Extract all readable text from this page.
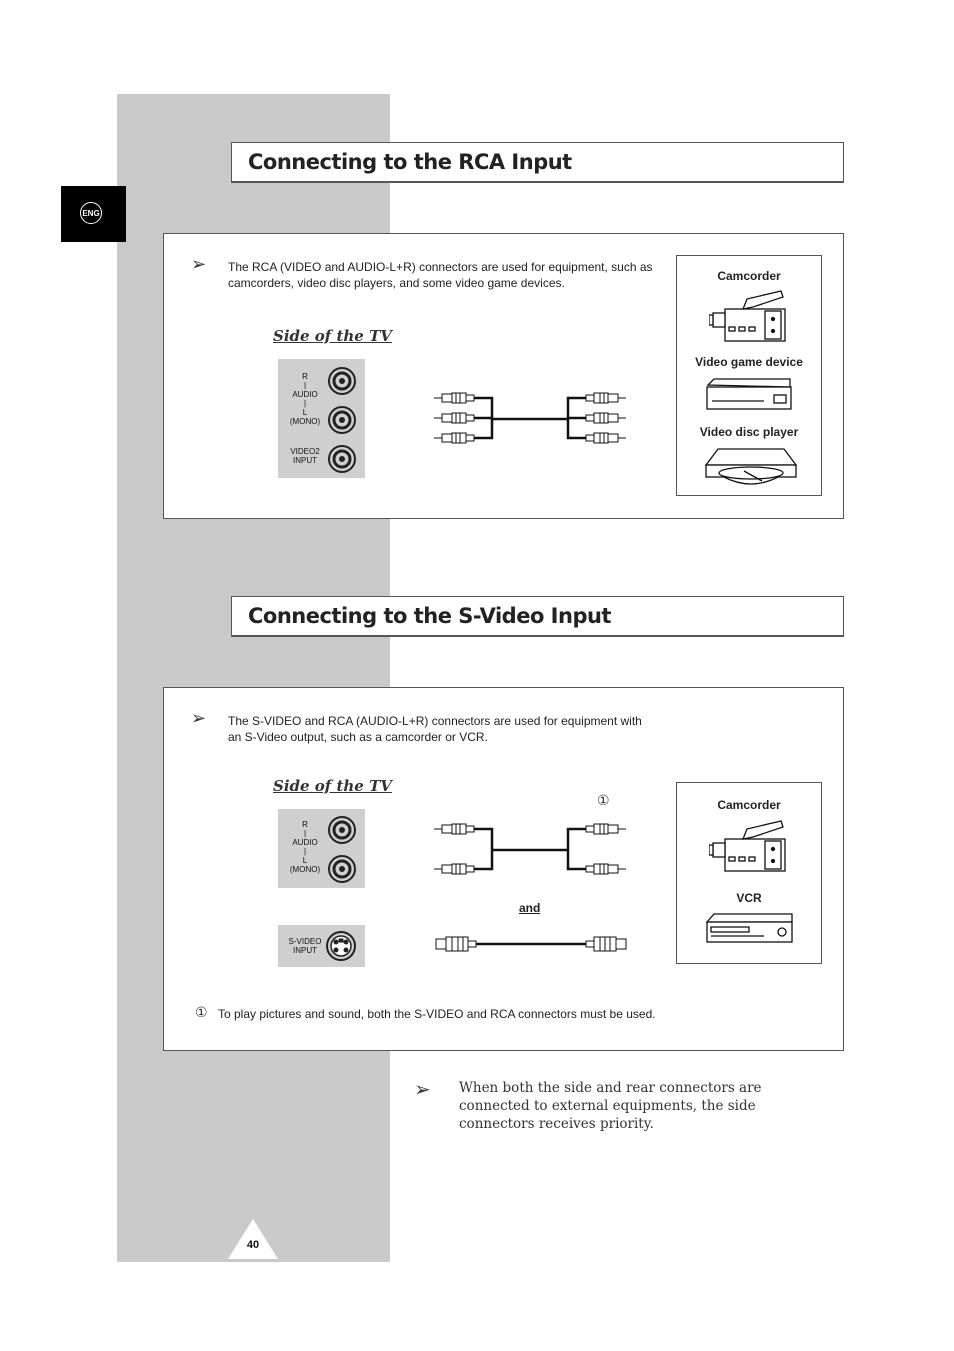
ENG
Connecting to the RCA Input
➢ The RCA (VIDEO and AUDIO-L+R) connectors are used for equipment, such as camcorders, video disc players, and some video game devices.
Side of the TV
R
|
AUDIO
|
L
(MONO)
VIDEO2
INPUT
Camcorder
Video game device
Video disc player
Connecting to the S-Video Input
➢ The S-VIDEO and RCA (AUDIO-L+R) connectors are used for equipment with an S-Video output, such as a camcorder or VCR.
Side of the TV
R
|
AUDIO
|
L
(MONO)
S-VIDEO
INPUT
①
and
Camcorder
VCR
① To play pictures and sound, both the S-VIDEO and RCA connectors must be used.
➢ When both the side and rear connectors are connected to external equipments, the side connectors receives priority.
40
